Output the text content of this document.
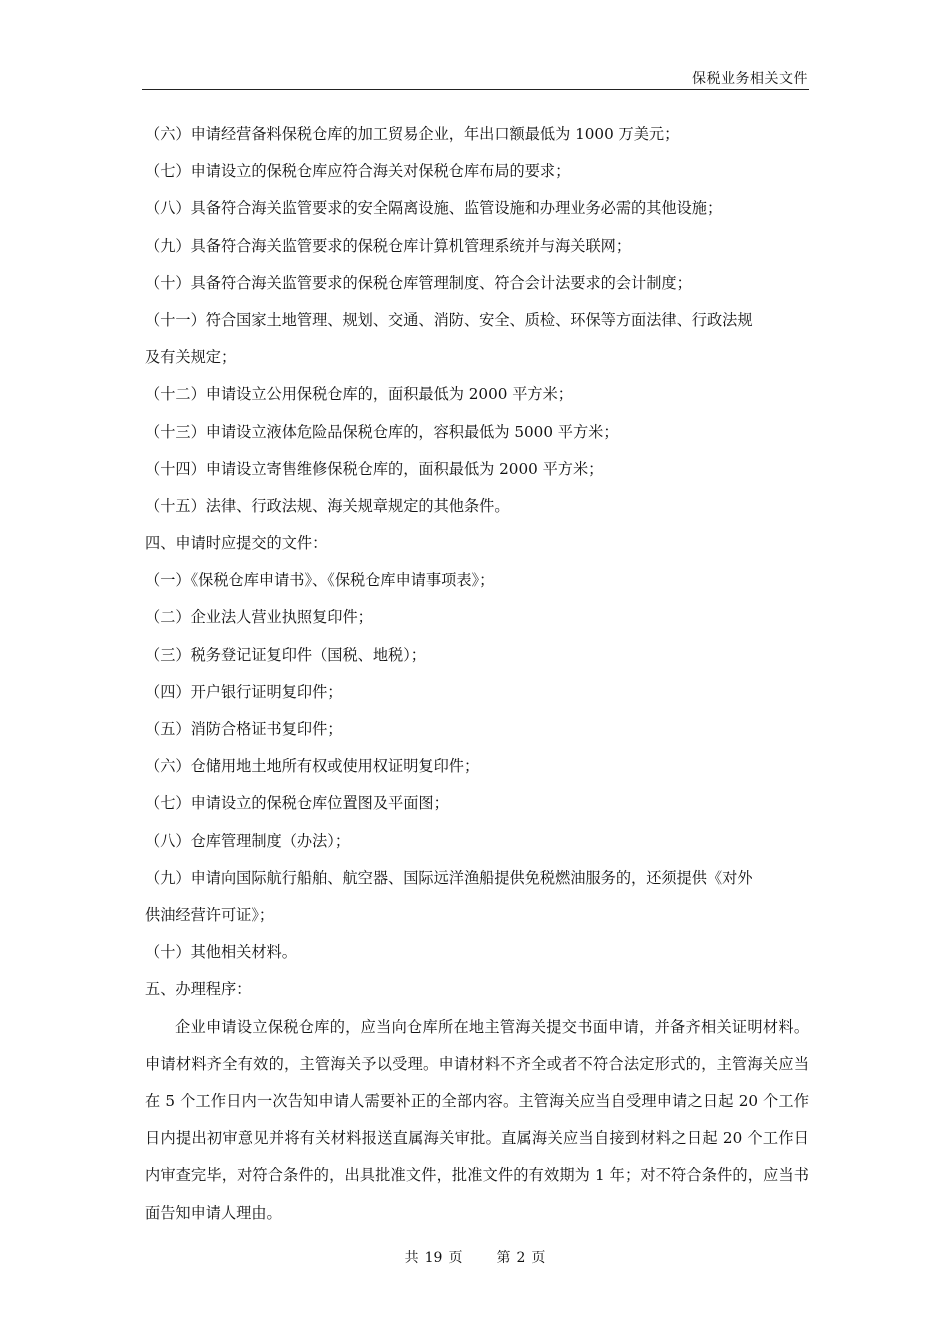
保税业务相关文件
（六）申请经营备料保税仓库的加工贸易企业，年出口额最低为 1000 万美元；
（七）申请设立的保税仓库应符合海关对保税仓库布局的要求；
（八）具备符合海关监管要求的安全隔离设施、监管设施和办理业务必需的其他设施；
（九）具备符合海关监管要求的保税仓库计算机管理系统并与海关联网；
（十）具备符合海关监管要求的保税仓库管理制度、符合会计法要求的会计制度；
（十一）符合国家土地管理、规划、交通、消防、安全、质检、环保等方面法律、行政法规
及有关规定；
（十二）申请设立公用保税仓库的，面积最低为 2000 平方米；
（十三）申请设立液体危险品保税仓库的，容积最低为 5000 平方米；
（十四）申请设立寄售维修保税仓库的，面积最低为 2000 平方米；
（十五）法律、行政法规、海关规章规定的其他条件。
四、申请时应提交的文件：
（一）《保税仓库申请书》、《保税仓库申请事项表》；
（二）企业法人营业执照复印件；
（三）税务登记证复印件（国税、地税）；
（四）开户银行证明复印件；
（五）消防合格证书复印件；
（六）仓储用地土地所有权或使用权证明复印件；
（七）申请设立的保税仓库位置图及平面图；
（八）仓库管理制度（办法）；
（九）申请向国际航行船舶、航空器、国际远洋渔船提供免税燃油服务的，还须提供《对外
供油经营许可证》；
（十）其他相关材料。
五、办理程序：
企业申请设立保税仓库的，应当向仓库所在地主管海关提交书面申请，并备齐相关证明材料。申请材料齐全有效的，主管海关予以受理。申请材料不齐全或者不符合法定形式的，主管海关应当在 5 个工作日内一次告知申请人需要补正的全部内容。主管海关应当自受理申请之日起 20 个工作日内提出初审意见并将有关材料报送直属海关审批。直属海关应当自接到材料之日起 20 个工作日内审查完毕，对符合条件的，出具批准文件，批准文件的有效期为 1 年；对不符合条件的，应当书面告知申请人理由。
共 19 页 第 2 页
